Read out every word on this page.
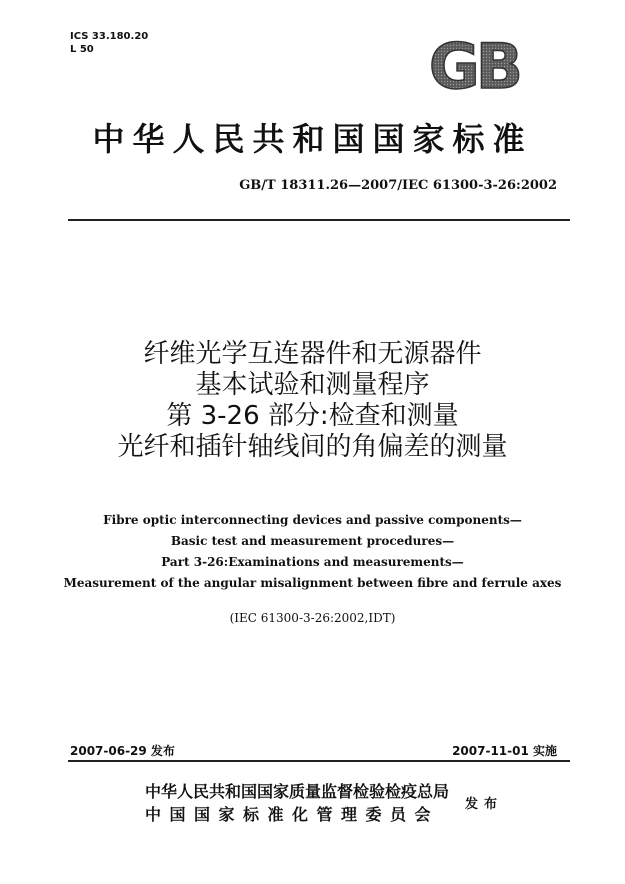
ICS 33.180.20
L 50	GB
中华人民共和国国家标准
GB/T 18311.26—2007/IEC 61300-3-26:2002
纤维光学互连器件和无源器件
基本试验和测量程序
第 3-26 部分:检查和测量
光纤和插针轴线间的角偏差的测量
Fibre optic interconnecting devices and passive components—
Basic test and measurement procedures—
Part 3-26:Examinations and measurements—
Measurement of the angular misalignment between fibre and ferrule axes
(IEC 61300-3-26:2002,IDT)
2007-06-29 发布	2007-11-01 实施
中华人民共和国国家质量监督检验检疫总局
中国国家标准化管理委员会
发布
